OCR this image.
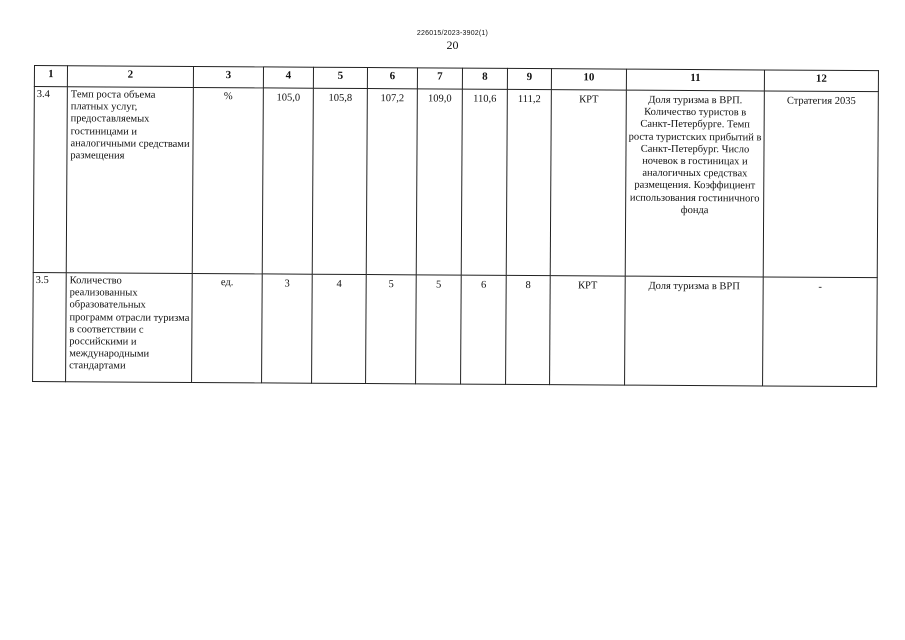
226015/2023-3902(1)
20
1	2	3	4	5	6	7	8	9	10	11	12
3.4	Темп роста объема платных услуг, предоставляемых гостиницами и аналогичными средствами размещения	%	105,0	105,8	107,2	109,0	110,6	111,2	КРТ	Доля туризма в ВРП. Количество туристов в Санкт-Петербурге. Темп роста туристских прибытий в Санкт-Петербург. Число ночевок в гостиницах и аналогичных средствах размещения. Коэффициент использования гостиничного фонда	Стратегия 2035
3.5	Количество реализованных образовательных программ отрасли туризма в соответствии с российскими и международными стандартами	ед.	3	4	5	5	6	8	КРТ	Доля туризма в ВРП	-
